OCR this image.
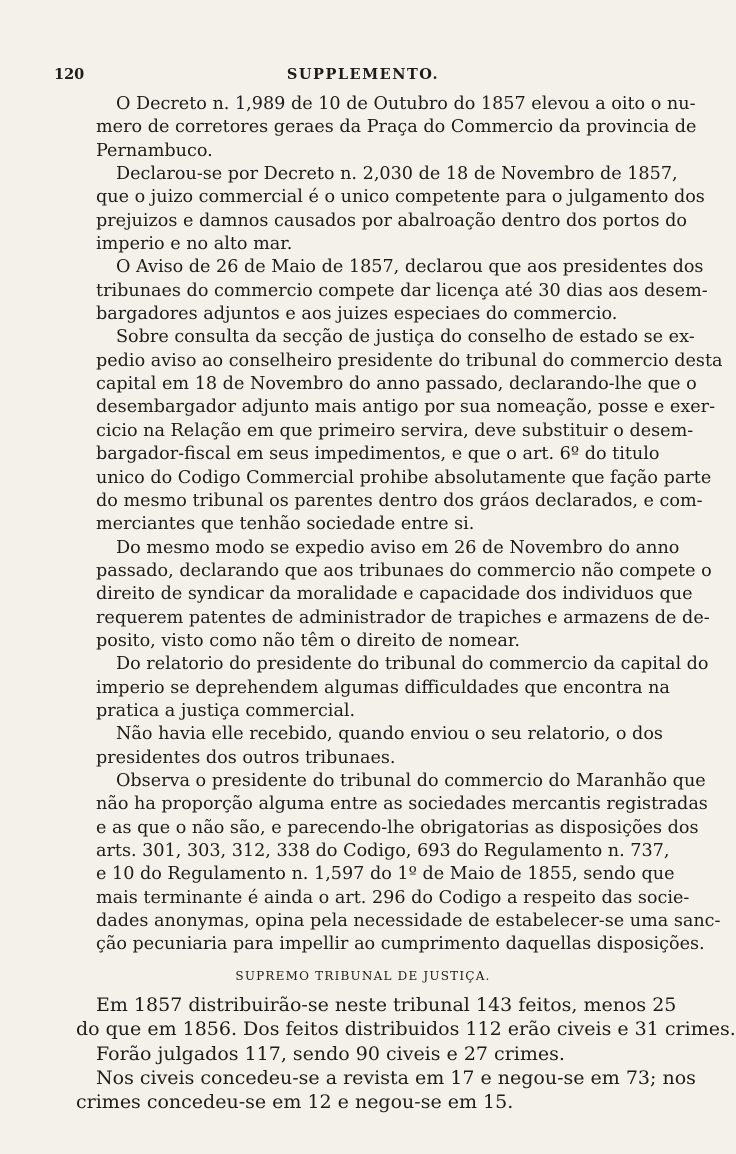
120	SUPPLEMENTO.
O Decreto n. 1,989 de 10 de Outubro do 1857 elevou a oito o nu-
mero de corretores geraes da Praça do Commercio da provincia de
Pernambuco.
Declarou-se por Decreto n. 2,030 de 18 de Novembro de 1857,
que o juizo commercial é o unico competente para o julgamento dos
prejuizos e damnos causados por abalroação dentro dos portos do
imperio e no alto mar.
O Aviso de 26 de Maio de 1857, declarou que aos presidentes dos
tribunaes do commercio compete dar licença até 30 dias aos desem-
bargadores adjuntos e aos juizes especiaes do commercio.
Sobre consulta da secção de justiça do conselho de estado se ex-
pedio aviso ao conselheiro presidente do tribunal do commercio desta
capital em 18 de Novembro do anno passado, declarando-lhe que o
desembargador adjunto mais antigo por sua nomeação, posse e exer-
cicio na Relação em que primeiro servira, deve substituir o desem-
bargador-fiscal em seus impedimentos, e que o art. 6º do titulo
unico do Codigo Commercial prohibe absolutamente que fação parte
do mesmo tribunal os parentes dentro dos gráos declarados, e com-
merciantes que tenhão sociedade entre si.
Do mesmo modo se expedio aviso em 26 de Novembro do anno
passado, declarando que aos tribunaes do commercio não compete o
direito de syndicar da moralidade e capacidade dos individuos que
requerem patentes de administrador de trapiches e armazens de de-
posito, visto como não têm o direito de nomear.
Do relatorio do presidente do tribunal do commercio da capital do
imperio se deprehendem algumas difficuldades que encontra na
pratica a justiça commercial.
Não havia elle recebido, quando enviou o seu relatorio, o dos
presidentes dos outros tribunaes.
Observa o presidente do tribunal do commercio do Maranhão que
não ha proporção alguma entre as sociedades mercantis registradas
e as que o não são, e parecendo-lhe obrigatorias as disposições dos
arts. 301, 303, 312, 338 do Codigo, 693 do Regulamento n. 737,
e 10 do Regulamento n. 1,597 do 1º de Maio de 1855, sendo que
mais terminante é ainda o art. 296 do Codigo a respeito das socie-
dades anonymas, opina pela necessidade de estabelecer-se uma sanc-
ção pecuniaria para impellir ao cumprimento daquellas disposições.
SUPREMO TRIBUNAL DE JUSTIÇA.
Em 1857 distribuirão-se neste tribunal 143 feitos, menos 25
do que em 1856. Dos feitos distribuidos 112 erão civeis e 31 crimes.
Forão julgados 117, sendo 90 civeis e 27 crimes.
Nos civeis concedeu-se a revista em 17 e negou-se em 73; nos
crimes concedeu-se em 12 e negou-se em 15.
